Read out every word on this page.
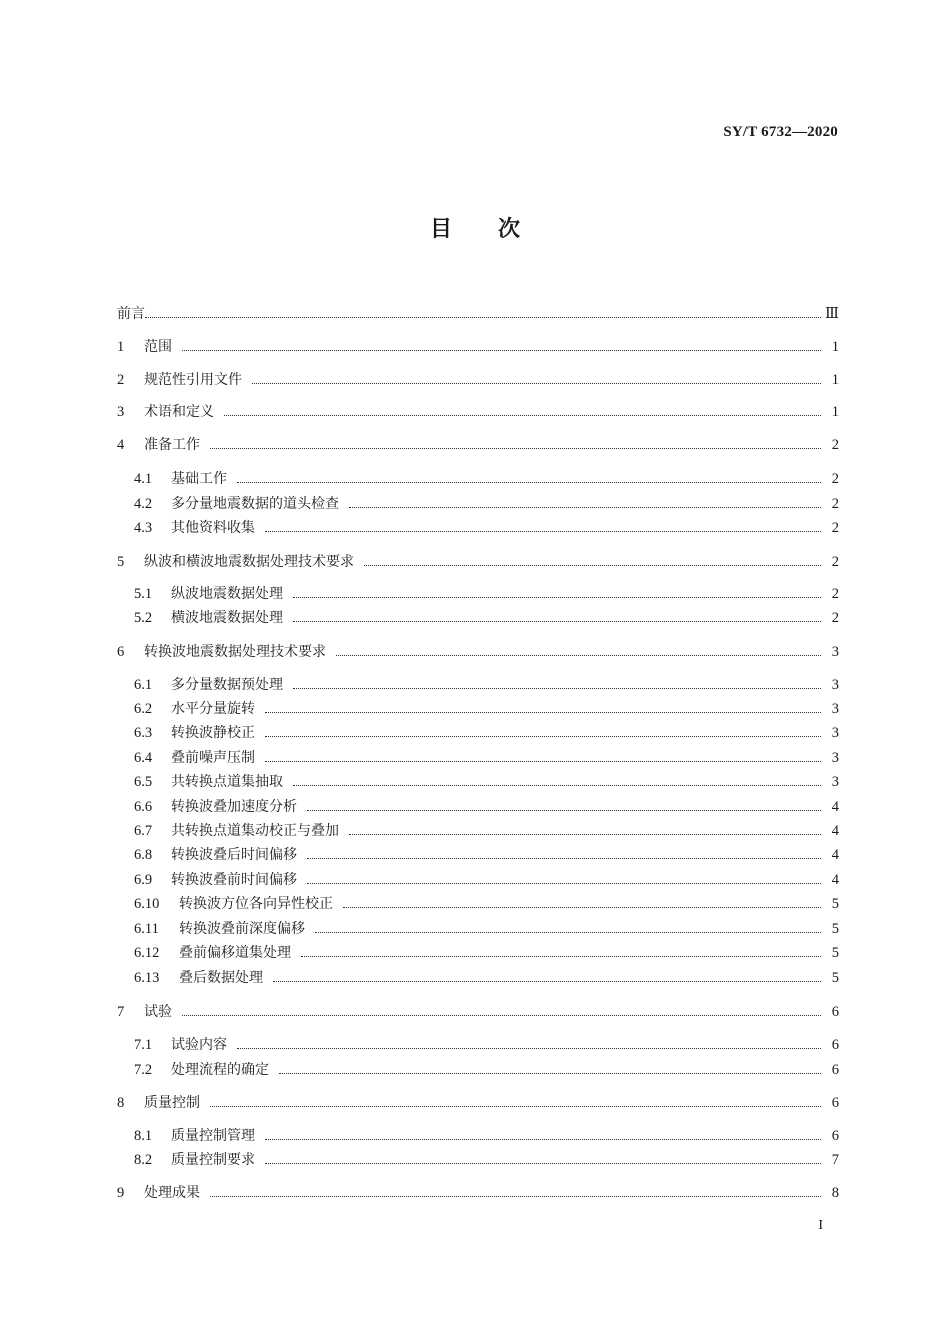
SY/T 6732—2020
目 次
前言	Ⅲ
1	范围	1
2	规范性引用文件	1
3	术语和定义	1
4	准备工作	2
4.1	基础工作	2
4.2	多分量地震数据的道头检查	2
4.3	其他资料收集	2
5	纵波和横波地震数据处理技术要求	2
5.1	纵波地震数据处理	2
5.2	横波地震数据处理	2
6	转换波地震数据处理技术要求	3
6.1	多分量数据预处理	3
6.2	水平分量旋转	3
6.3	转换波静校正	3
6.4	叠前噪声压制	3
6.5	共转换点道集抽取	3
6.6	转换波叠加速度分析	4
6.7	共转换点道集动校正与叠加	4
6.8	转换波叠后时间偏移	4
6.9	转换波叠前时间偏移	4
6.10	转换波方位各向异性校正	5
6.11	转换波叠前深度偏移	5
6.12	叠前偏移道集处理	5
6.13	叠后数据处理	5
7	试验	6
7.1	试验内容	6
7.2	处理流程的确定	6
8	质量控制	6
8.1	质量控制管理	6
8.2	质量控制要求	7
9	处理成果	8
I
